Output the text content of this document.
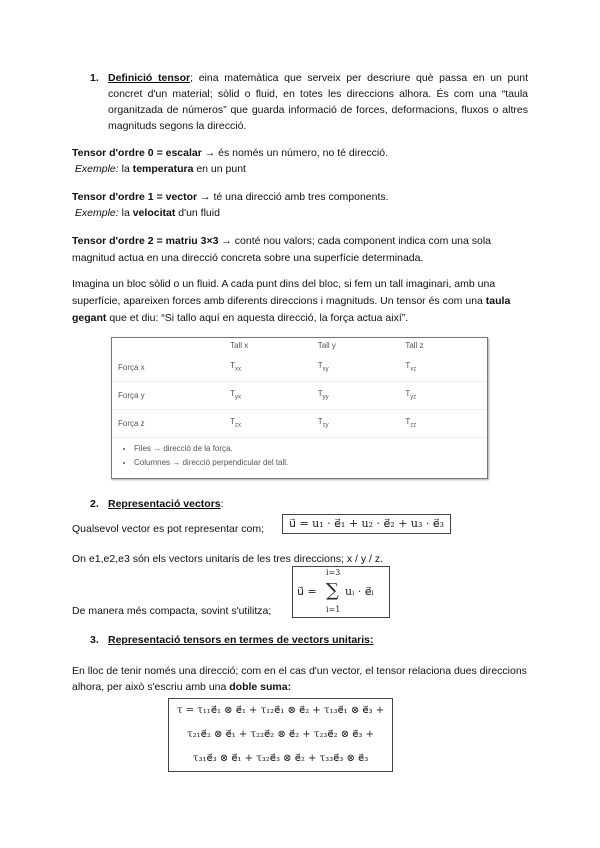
1. Definició tensor; eina matemàtica que serveix per descriure què passa en un punt concret d'un material; sòlid o fluid, en totes les direccions alhora. És com una “taula organitzada de números” que guarda informació de forces, deformacions, fluxos o altres magnituds segons la direcció.
Tensor d'ordre 0 = escalar → és només un número, no té direcció.
Exemple: la temperatura en un punt
Tensor d'ordre 1 = vector → té una direcció amb tres components.
Exemple: la velocitat d'un fluid
Tensor d'ordre 2 = matriu 3×3 → conté nou valors; cada component indica com una sola magnitud actua en una direcció concreta sobre una superfície determinada.
Imagina un bloc sòlid o un fluid. A cada punt dins del bloc, si fem un tall imaginari, amb una superfície, apareixen forces amb diferents direccions i magnituds. Un tensor és com una taula gegant que et diu: “Si tallo aquí en aquesta direcció, la força actua així”.
	Tall x	Tall y	Tall z
Força x	$T_{xx}$	$T_{xy}$	$T_{xz}$
Força y	$T_{yx}$	$T_{yy}$	$T_{yz}$
Força z	$T_{zx}$	$T_{zy}$	$T_{zz}$
• Files → direcció de la força.
• Columnes → direcció perpendicular del tall.
2. Representació vectors:
Qualsevol vector es pot representar com;	u⃗ = u₁ · e⃗₁ + u₂ · e⃗₂ + u₃ · e⃗₃
On e1,e2,e3 són els vectors unitaris de les tres direccions; x / y / z.
De manera més compacta, sovint s'utilitza;
u⃗ =
i=3
∑
i=1
uᵢ · e⃗ᵢ
3. Representació tensors en termes de vectors unitaris:
En lloc de tenir només una direcció; com en el cas d'un vector, el tensor relaciona dues direccions alhora, per això s'escriu amb una doble suma:
τ = τ₁₁e⃗₁ ⊗ e⃗₁ + τ₁₂e⃗₁ ⊗ e⃗₂ + τ₁₃e⃗₁ ⊗ e⃗₃ +
τ₂₁e⃗₂ ⊗ e⃗₁ + τ₂₂e⃗₂ ⊗ e⃗₂ + τ₂₃e⃗₂ ⊗ e⃗₃ +
τ₃₁e⃗₃ ⊗ e⃗₁ + τ₃₂e⃗₃ ⊗ e⃗₂ + τ₃₃e⃗₃ ⊗ e⃗₃
